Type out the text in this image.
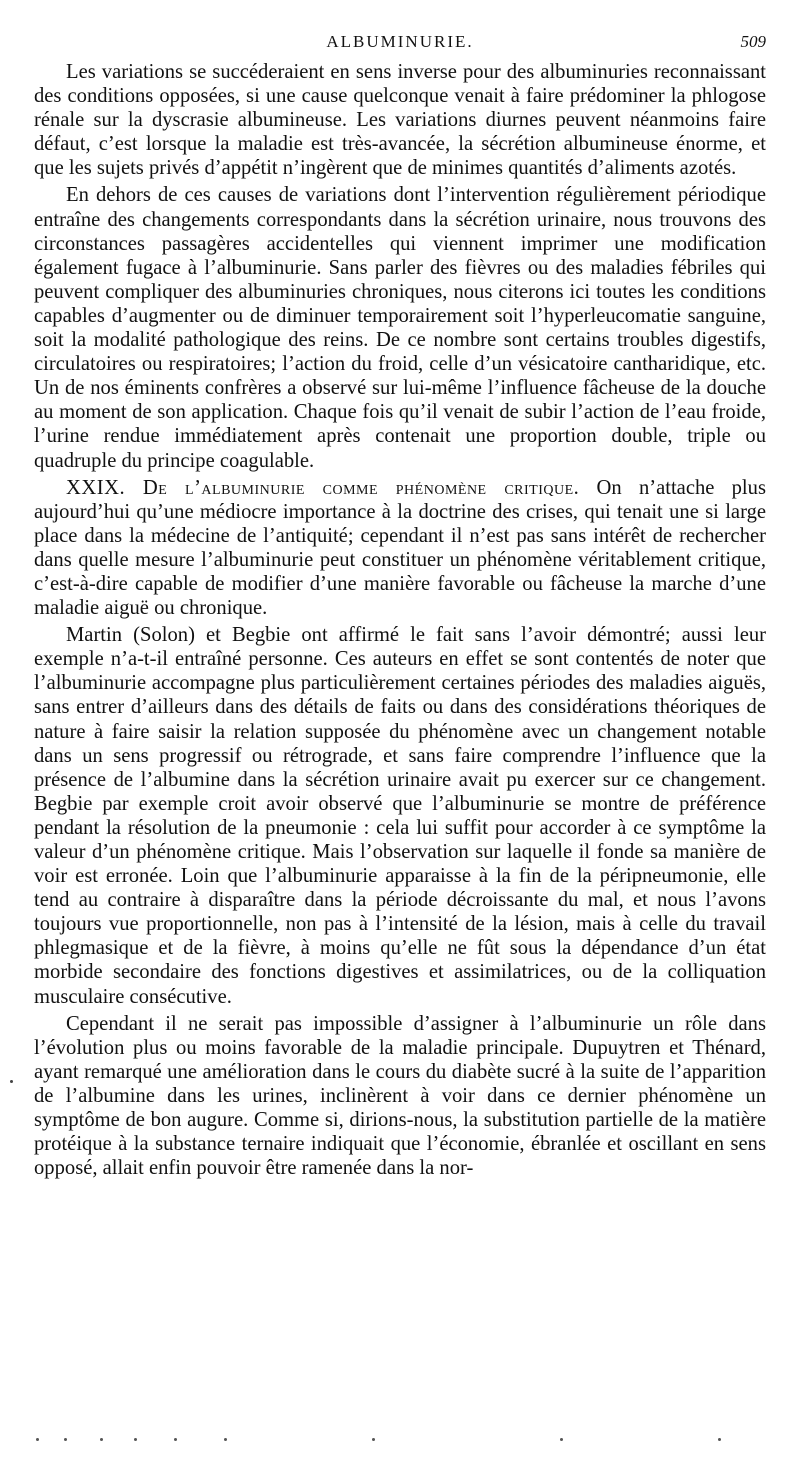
ALBUMINURIE.	509

Les variations se succéderaient en sens inverse pour des albuminuries reconnaissant des conditions opposées, si une cause quelconque venait à faire prédominer la phlogose rénale sur la dyscrasie albumineuse. Les variations diurnes peuvent néanmoins faire défaut, c’est lorsque la maladie est très-avancée, la sécrétion albumineuse énorme, et que les sujets privés d’appétit n’ingèrent que de minimes quantités d’aliments azotés.

En dehors de ces causes de variations dont l’intervention régulièrement périodique entraîne des changements correspondants dans la sécrétion urinaire, nous trouvons des circonstances passagères accidentelles qui viennent imprimer une modification également fugace à l’albuminurie. Sans parler des fièvres ou des maladies fébriles qui peuvent compliquer des albuminuries chroniques, nous citerons ici toutes les conditions capables d’augmenter ou de diminuer temporairement soit l’hyperleucomatie sanguine, soit la modalité pathologique des reins. De ce nombre sont certains troubles digestifs, circulatoires ou respiratoires; l’action du froid, celle d’un vésicatoire cantharidique, etc. Un de nos éminents confrères a observé sur lui-même l’influence fâcheuse de la douche au moment de son application. Chaque fois qu’il venait de subir l’action de l’eau froide, l’urine rendue immédiatement après contenait une proportion double, triple ou quadruple du principe coagulable.

XXIX. De l’albuminurie comme phénomène critique. On n’attache plus aujourd’hui qu’une médiocre importance à la doctrine des crises, qui tenait une si large place dans la médecine de l’antiquité; cependant il n’est pas sans intérêt de rechercher dans quelle mesure l’albuminurie peut constituer un phénomène véritablement critique, c’est-à-dire capable de modifier d’une manière favorable ou fâcheuse la marche d’une maladie aiguë ou chronique.

Martin (Solon) et Begbie ont affirmé le fait sans l’avoir démontré; aussi leur exemple n’a-t-il entraîné personne. Ces auteurs en effet se sont contentés de noter que l’albuminurie accompagne plus particulièrement certaines périodes des maladies aiguës, sans entrer d’ailleurs dans des détails de faits ou dans des considérations théoriques de nature à faire saisir la relation supposée du phénomène avec un changement notable dans un sens progressif ou rétrograde, et sans faire comprendre l’influence que la présence de l’albumine dans la sécrétion urinaire avait pu exercer sur ce changement. Begbie par exemple croit avoir observé que l’albuminurie se montre de préférence pendant la résolution de la pneumonie : cela lui suffit pour accorder à ce symptôme la valeur d’un phénomène critique. Mais l’observation sur laquelle il fonde sa manière de voir est erronée. Loin que l’albuminurie apparaisse à la fin de la péripneumonie, elle tend au contraire à disparaître dans la période décroissante du mal, et nous l’avons toujours vue proportionnelle, non pas à l’intensité de la lésion, mais à celle du travail phlegmasique et de la fièvre, à moins qu’elle ne fût sous la dépendance d’un état morbide secondaire des fonctions digestives et assimilatrices, ou de la colliquation musculaire consécutive.

Cependant il ne serait pas impossible d’assigner à l’albuminurie un rôle dans l’évolution plus ou moins favorable de la maladie principale. Dupuytren et Thénard, ayant remarqué une amélioration dans le cours du diabète sucré à la suite de l’apparition de l’albumine dans les urines, inclinèrent à voir dans ce dernier phénomène un symptôme de bon augure. Comme si, dirions-nous, la substitution partielle de la matière protéique à la substance ternaire indiquait que l’économie, ébranlée et oscillant en sens opposé, allait enfin pouvoir être ramenée dans la nor-
